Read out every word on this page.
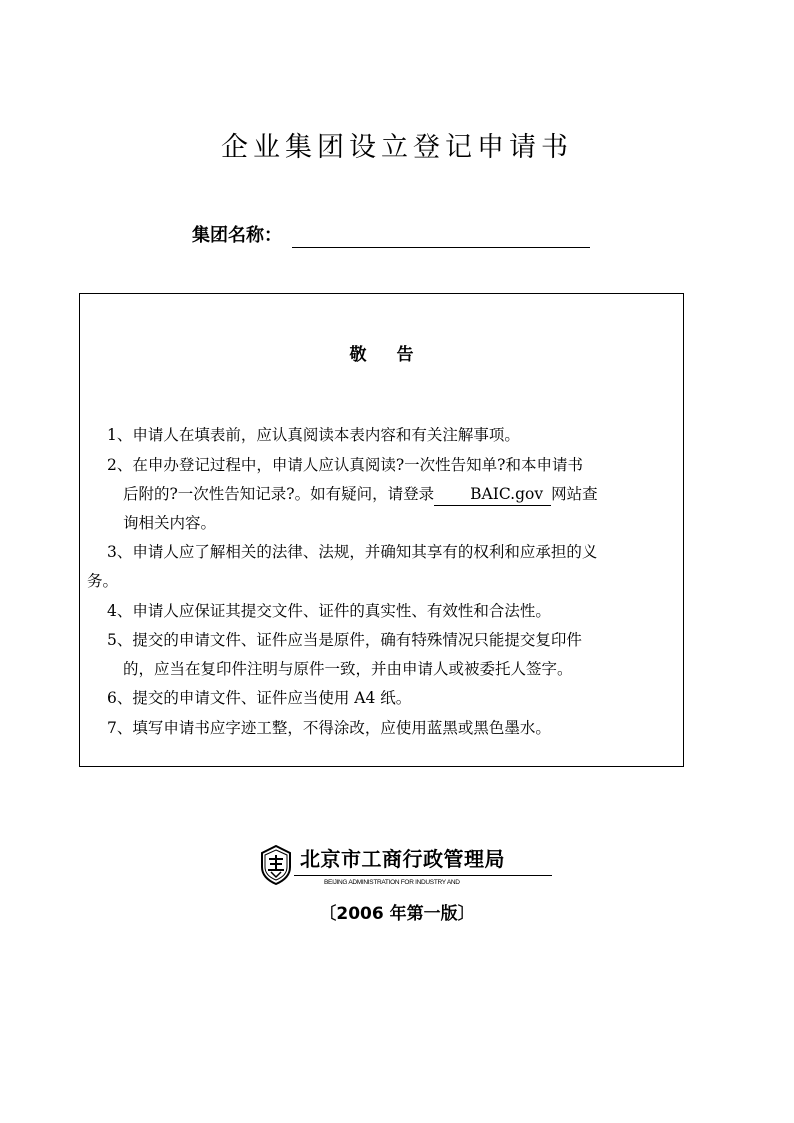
企业集团设立登记申请书
集团名称：
敬告
1、申请人在填表前，应认真阅读本表内容和有关注解事项。
2、在申办登记过程中，申请人应认真阅读?一次性告知单?和本申请书
后附的?一次性告知记录?。如有疑问，请登录 BAIC.gov 网站查
询相关内容。
3、申请人应了解相关的法律、法规，并确知其享有的权利和应承担的义
务。
4、申请人应保证其提交文件、证件的真实性、有效性和合法性。
5、提交的申请文件、证件应当是原件，确有特殊情况只能提交复印件
的，应当在复印件注明与原件一致，并由申请人或被委托人签字。
6、提交的申请文件、证件应当使用 A4 纸。
7、填写申请书应字迹工整，不得涂改，应使用蓝黑或黑色墨水。
北京市工商行政管理局
BEIJING ADMINISTRATION FOR INDUSTRY AND
〔2006 年第一版〕
